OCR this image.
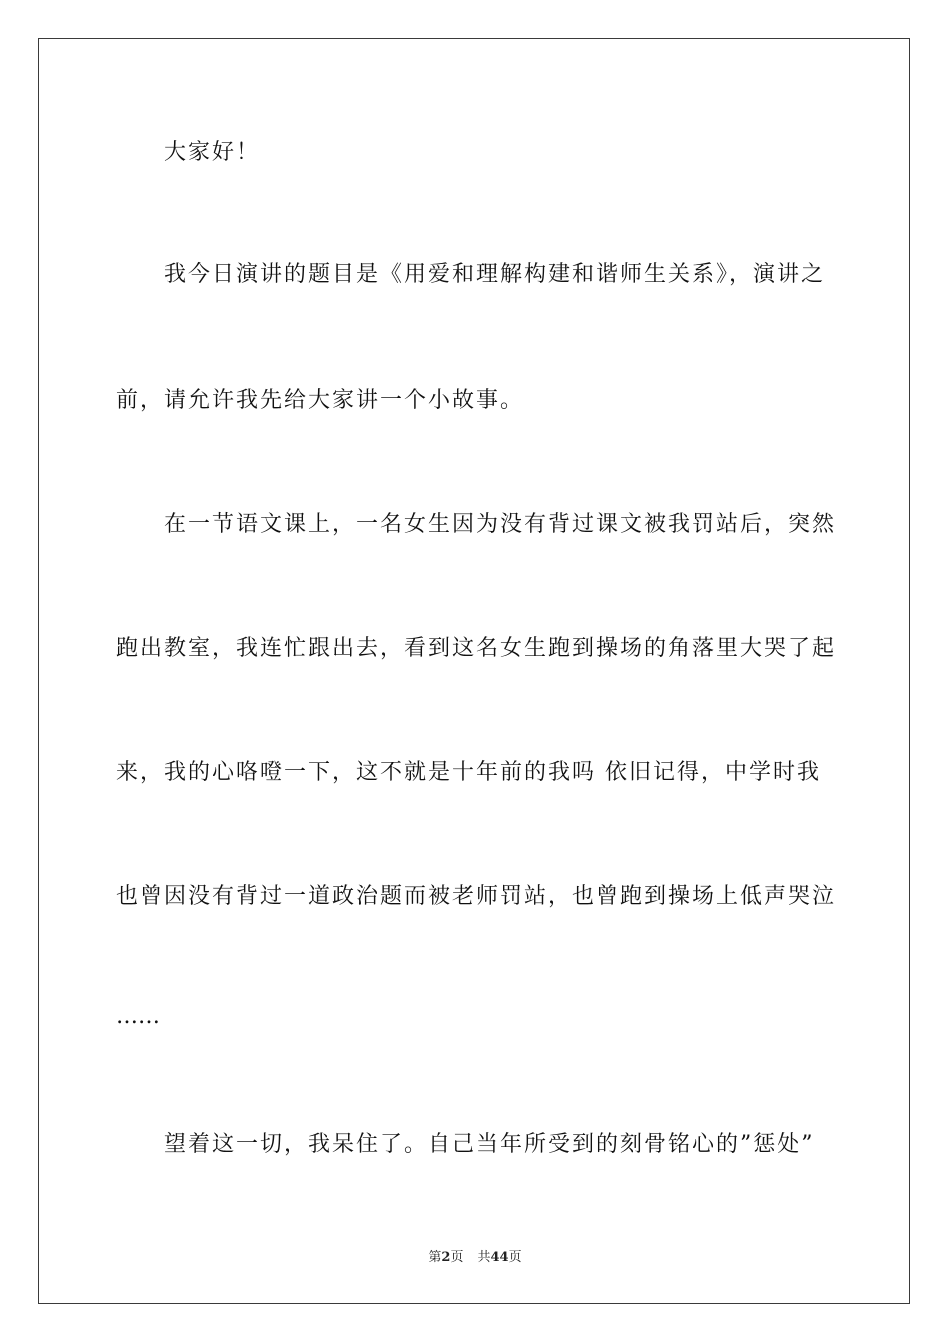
大家好！
我今日演讲的题目是《用爱和理解构建和谐师生关系》，演讲之
前，请允许我先给大家讲一个小故事。
在一节语文课上，一名女生因为没有背过课文被我罚站后，突然
跑出教室，我连忙跟出去，看到这名女生跑到操场的角落里大哭了起
来，我的心咯噔一下，这不就是十年前的我吗 依旧记得，中学时我
也曾因没有背过一道政治题而被老师罚站，也曾跑到操场上低声哭泣
……
望着这一切，我呆住了。自己当年所受到的刻骨铭心的”惩处”
第2页 共44页
